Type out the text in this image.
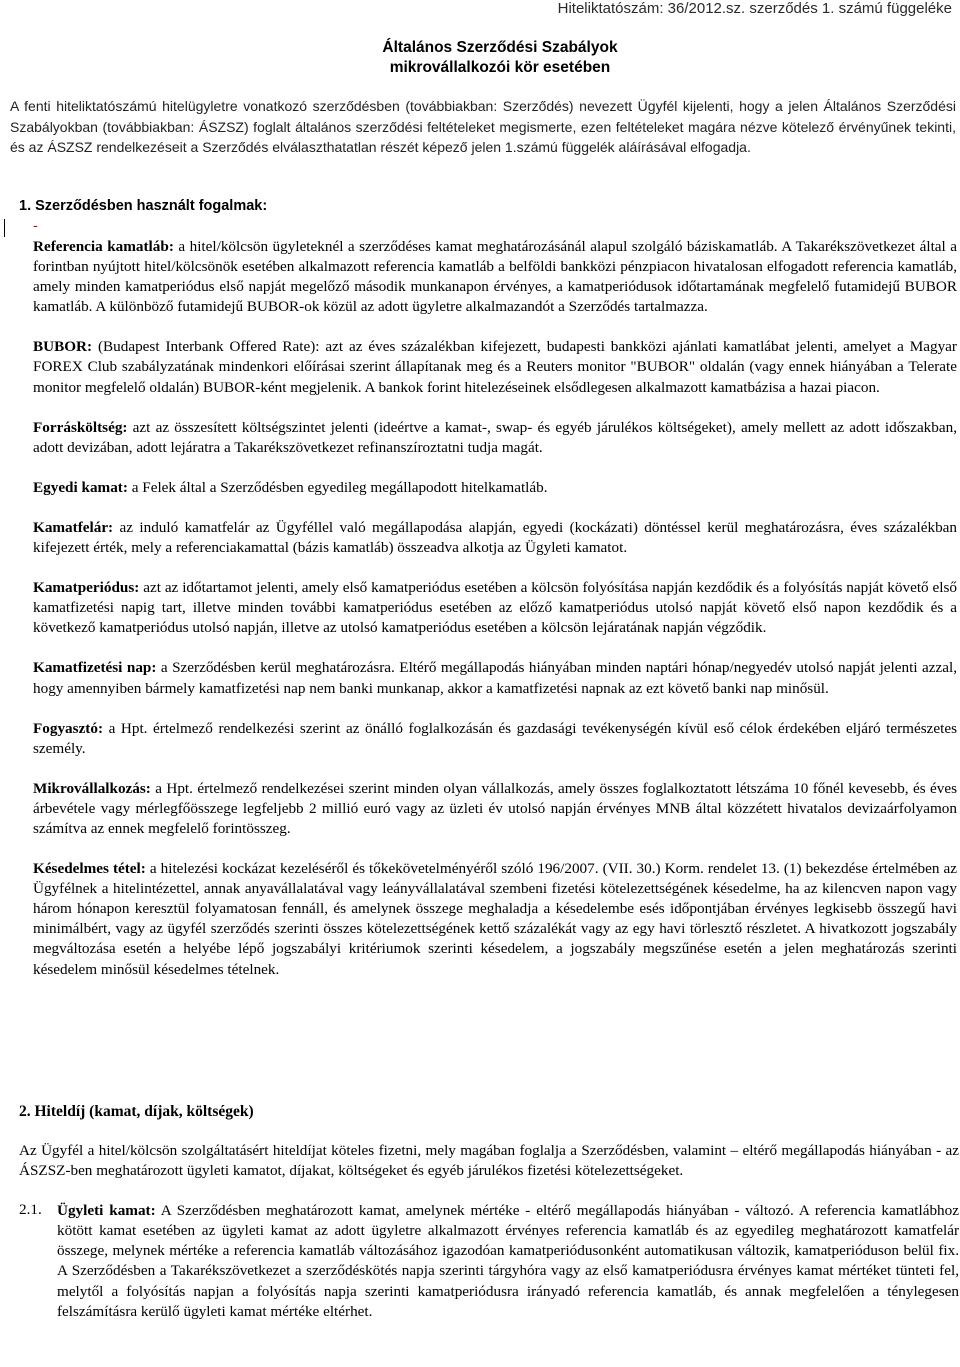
Hiteliktatószám: 36/2012.sz. szerződés 1. számú függeléke
Általános Szerződési Szabályok
mikrovállalkozói kör esetében
A fenti hiteliktatószámú hitelügyletre vonatkozó szerződésben (továbbiakban: Szerződés) nevezett Ügyfél kijelenti, hogy a jelen Általános Szerződési Szabályokban (továbbiakban: ÁSZSZ) foglalt általános szerződési feltételeket megismerte, ezen feltételeket magára nézve kötelező érvényűnek tekinti, és az ÁSZSZ rendelkezéseit a Szerződés elválaszthatatlan részét képező jelen 1.számú függelék aláírásával elfogadja.
1. Szerződésben használt fogalmak:
-

Referencia kamatláb: a hitel/kölcsön ügyleteknél a szerződéses kamat meghatározásánál alapul szolgáló báziskamatláb. A Takarékszövetkezet által a forintban nyújtott hitel/kölcsönök esetében alkalmazott referencia kamatláb a belföldi bankközi pénzpiacon hivatalosan elfogadott referencia kamatláb, amely minden kamatperiódus első napját megelőző második munkanapon érvényes, a kamatperiódusok időtartamának megfelelő futamidejű BUBOR kamatláb. A különböző futamidejű BUBOR-ok közül az adott ügyletre alkalmazandót a Szerződés tartalmazza.

BUBOR: (Budapest Interbank Offered Rate): azt az éves százalékban kifejezett, budapesti bankközi ajánlati kamatlábat jelenti, amelyet a Magyar FOREX Club szabályzatának mindenkori előírásai szerint állapítanak meg és a Reuters monitor "BUBOR" oldalán (vagy ennek hiányában a Telerate monitor megfelelő oldalán) BUBOR-ként megjelenik. A bankok forint hitelezéseinek elsődlegesen alkalmazott kamatbázisa a hazai piacon.

Forrásköltség: azt az összesített költségszintet jelenti (ideértve a kamat-, swap- és egyéb járulékos költségeket), amely mellett az adott időszakban, adott devizában, adott lejáratra a Takarékszövetkezet refinanszíroztatni tudja magát.

Egyedi kamat: a Felek által a Szerződésben egyedileg megállapodott hitelkamatláb.

Kamatfelár: az induló kamatfelár az Ügyféllel való megállapodása alapján, egyedi (kockázati) döntéssel kerül meghatározásra, éves százalékban kifejezett érték, mely a referenciakamattal (bázis kamatláb) összeadva alkotja az Ügyleti kamatot.

Kamatperiódus: azt az időtartamot jelenti, amely első kamatperiódus esetében a kölcsön folyósítása napján kezdődik és a folyósítás napját követő első kamatfizetési napig tart, illetve minden további kamatperiódus esetében az előző kamatperiódus utolsó napját követő első napon kezdődik és a következő kamatperiódus utolsó napján, illetve az utolsó kamatperiódus esetében a kölcsön lejáratának napján végződik.

Kamatfizetési nap: a Szerződésben kerül meghatározásra. Eltérő megállapodás hiányában minden naptári hónap/negyedév utolsó napját jelenti azzal, hogy amennyiben bármely kamatfizetési nap nem banki munkanap, akkor a kamatfizetési napnak az ezt követő banki nap minősül.

Fogyasztó: a Hpt. értelmező rendelkezési szerint az önálló foglalkozásán és gazdasági tevékenységén kívül eső célok érdekében eljáró természetes személy.

Mikrovállalkozás: a Hpt. értelmező rendelkezései szerint minden olyan vállalkozás, amely összes foglalkoztatott létszáma 10 főnél kevesebb, és éves árbevétele vagy mérlegfőösszege legfeljebb 2 millió euró vagy az üzleti év utolsó napján érvényes MNB által közzétett hivatalos devizaárfolyamon számítva az ennek megfelelő forintösszeg.

Késedelmes tétel: a hitelezési kockázat kezeléséről és tőkekövetelményéről szóló 196/2007. (VII. 30.) Korm. rendelet 13. (1) bekezdése értelmében az Ügyfélnek a hitelintézettel, annak anyavállalatával vagy leányvállalatával szembeni fizetési kötelezettségének késedelme, ha az kilencven napon vagy három hónapon keresztül folyamatosan fennáll, és amelynek összege meghaladja a késedelembe esés időpontjában érvényes legkisebb összegű havi minimálbért, vagy az ügyfél szerződés szerinti összes kötelezettségének kettő százalékát vagy az egy havi törlesztő részletet. A hivatkozott jogszabály megváltozása esetén a helyébe lépő jogszabályi kritériumok szerinti késedelem, a jogszabály megszűnése esetén a jelen meghatározás szerinti késedelem minősül késedelmes tételnek.

2. Hiteldíj (kamat, díjak, költségek)

Az Ügyfél a hitel/kölcsön szolgáltatásért hiteldíjat köteles fizetni, mely magában foglalja a Szerződésben, valamint – eltérő megállapodás hiányában - az ÁSZSZ-ben meghatározott ügyleti kamatot, díjakat, költségeket és egyéb járulékos fizetési kötelezettségeket.

2.1. Ügyleti kamat: A Szerződésben meghatározott kamat, amelynek mértéke - eltérő megállapodás hiányában - változó. A referencia kamatlábhoz kötött kamat esetében az ügyleti kamat az adott ügyletre alkalmazott érvényes referencia kamatláb és az egyedileg meghatározott kamatfelár összege, melynek mértéke a referencia kamatláb változásához igazodóan kamatperiódusonként automatikusan változik, kamatperióduson belül fix. A Szerződésben a Takarékszövetkezet a szerződéskötés napja szerinti tárgyhóra vagy az első kamatperiódusra érvényes kamat mértéket tünteti fel, melytől a folyósítás napjan a folyósítás napja szerinti kamatperiódusra irányadó referencia kamatláb, és annak megfelelően a ténylegesen felszámításra kerülő ügyleti kamat mértéke eltérhet.
